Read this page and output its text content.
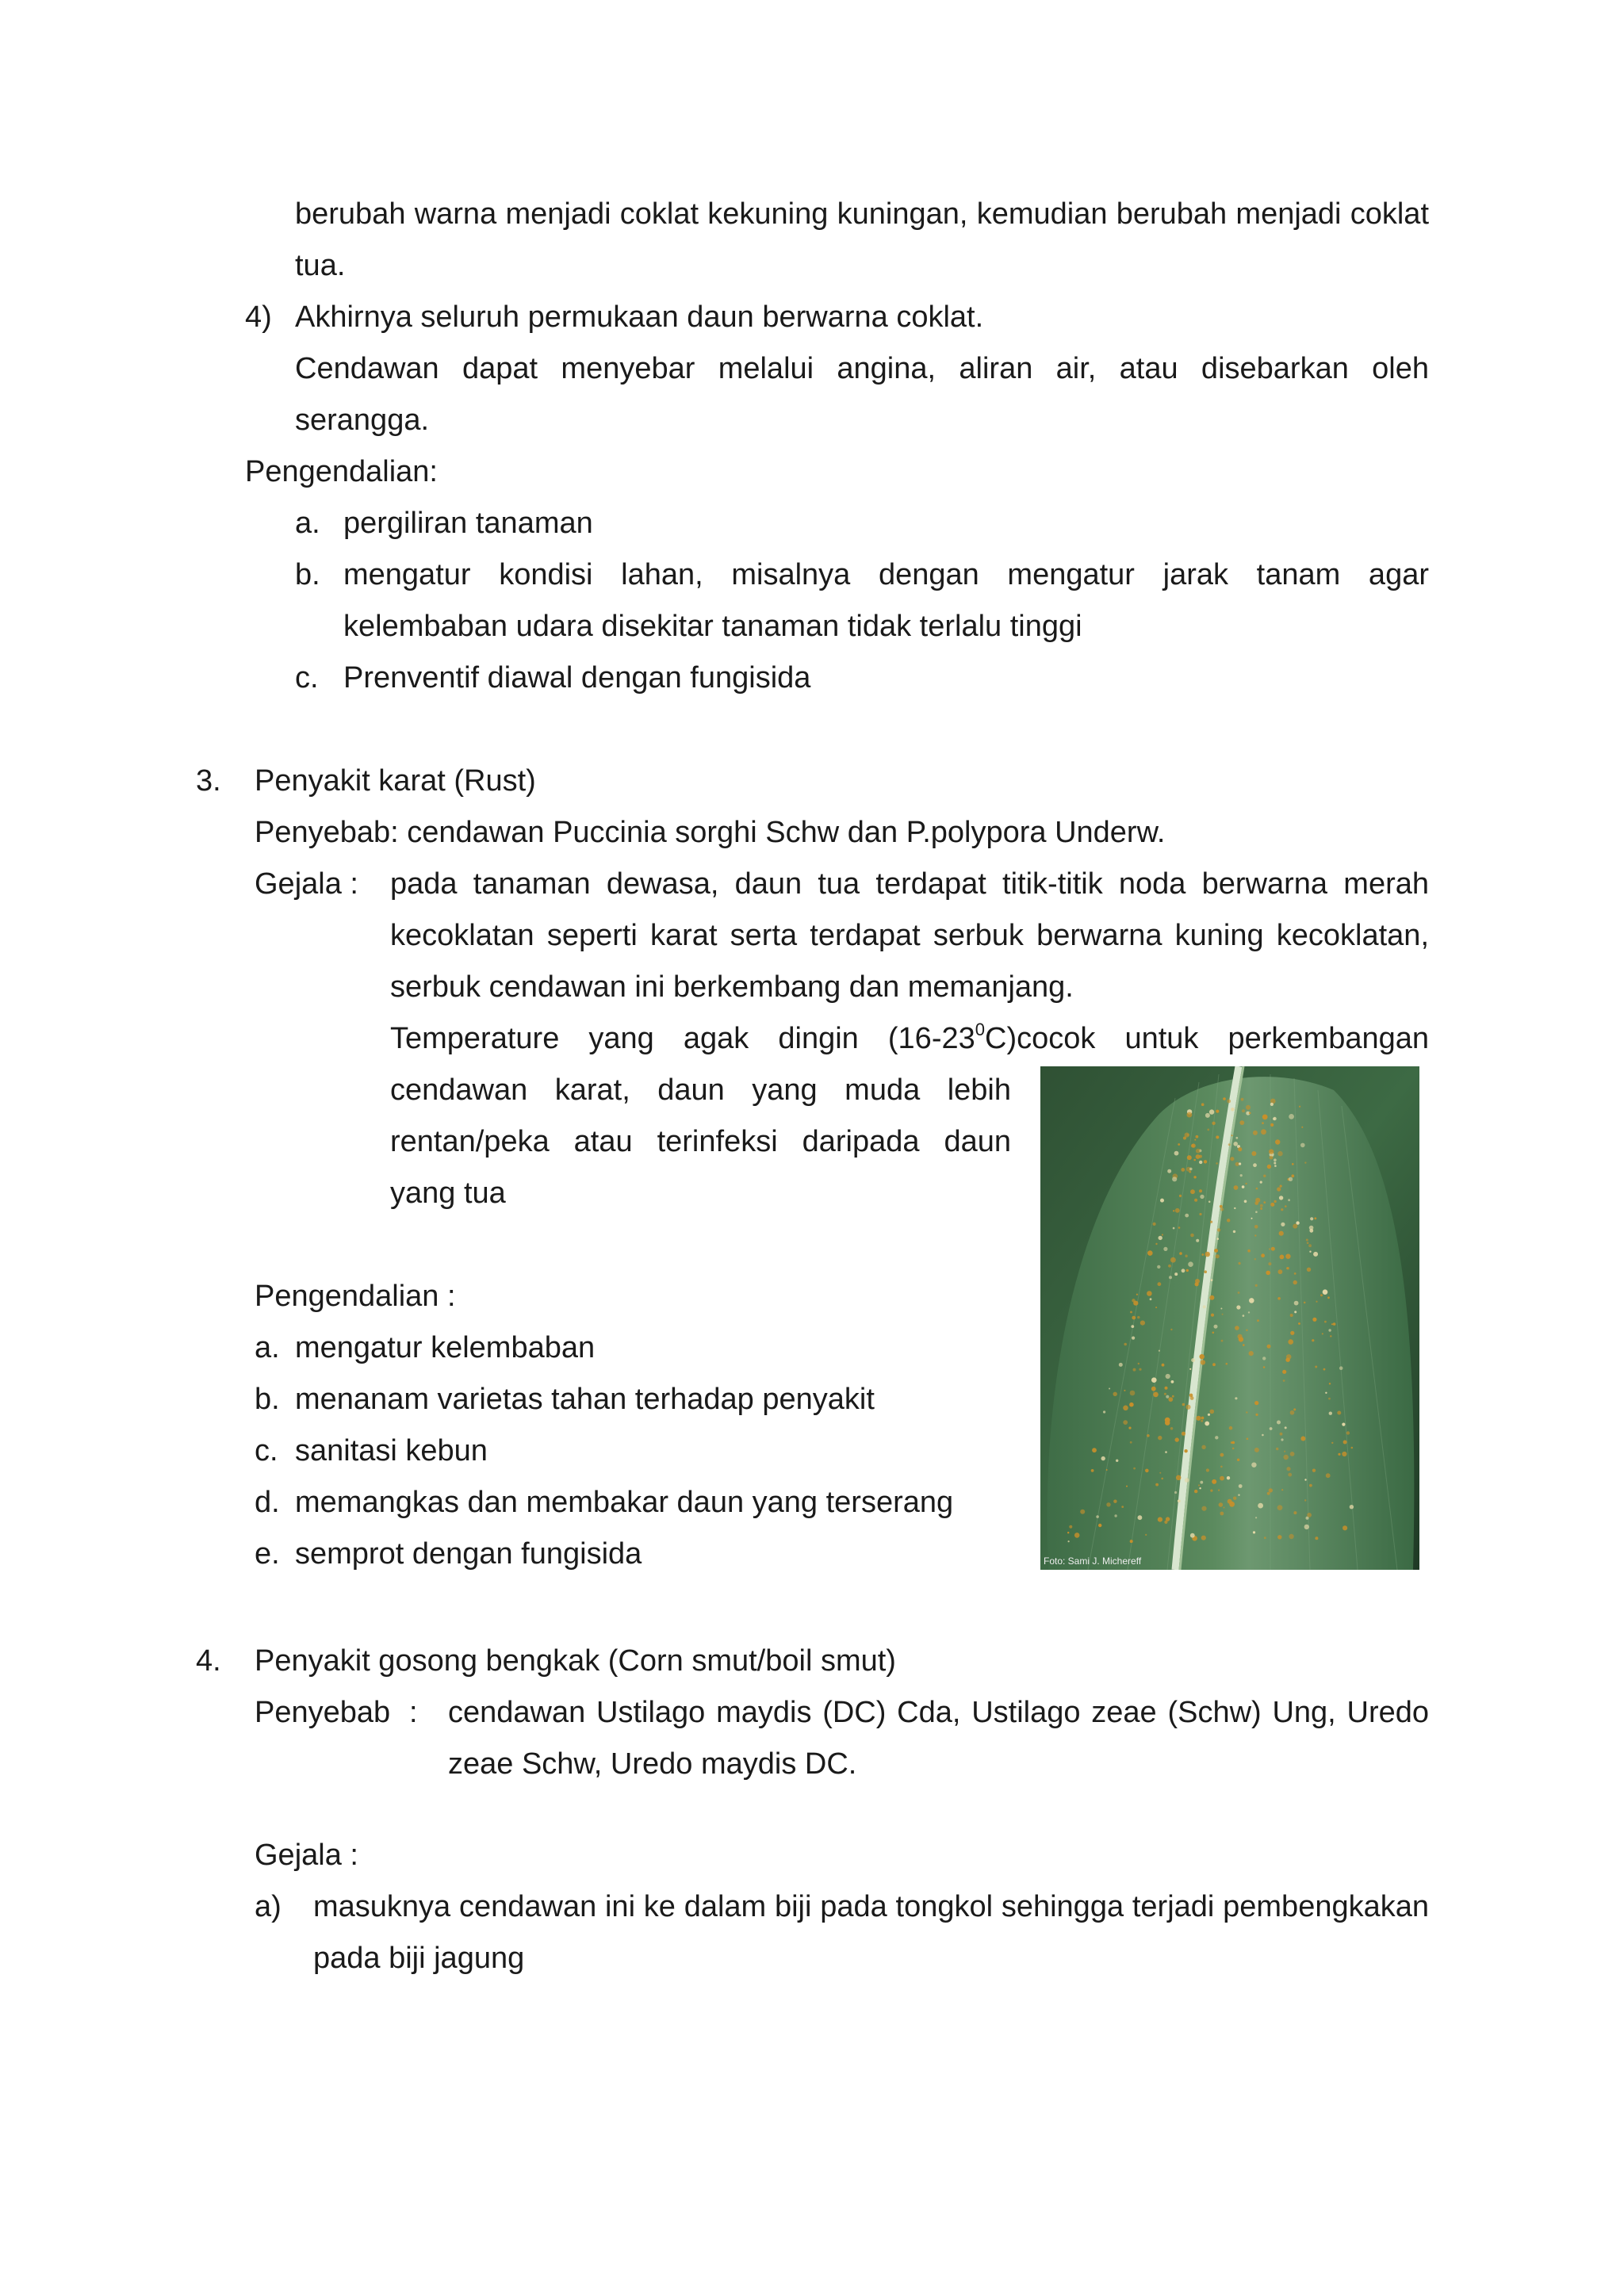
berubah warna menjadi coklat kekuning kuningan, kemudian berubah menjadi coklat
tua.
4) Akhirnya seluruh permukaan daun berwarna coklat.
Cendawan dapat menyebar melalui angina, aliran air, atau disebarkan oleh
serangga.
Pengendalian:
a. pergiliran tanaman
b. mengatur kondisi lahan, misalnya dengan mengatur jarak tanam agar
kelembaban udara disekitar tanaman tidak terlalu tinggi
c. Prenventif diawal dengan fungisida
3. Penyakit karat (Rust)
Penyebab: cendawan Puccinia sorghi Schw dan P.polypora Underw.
Gejala : pada tanaman dewasa, daun tua terdapat titik-titik noda berwarna merah
kecoklatan seperti karat serta terdapat serbuk berwarna kuning kecoklatan,
serbuk cendawan ini berkembang dan memanjang.
Temperature yang agak dingin $(16-23^0C)cocok$ untuk perkembangan
cendawan karat, daun yang muda lebih
rentan/peka atau terinfeksi daripada daun
yang tua
Pengendalian :
a. mengatur kelembaban
b. menanam varietas tahan terhadap penyakit
c. sanitasi kebun
d. memangkas dan membakar daun yang terserang
e. semprot dengan fungisida	Foto: Sami J. Michereff
4. Penyakit gosong bengkak (Corn smut/boil smut)
Penyebab : cendawan Ustilago maydis (DC) Cda, Ustilago zeae (Schw) Ung, Uredo
zeae Schw, Uredo maydis DC.
Gejala :
a) masuknya cendawan ini ke dalam biji pada tongkol sehingga terjadi pembengkakan
pada biji jagung
